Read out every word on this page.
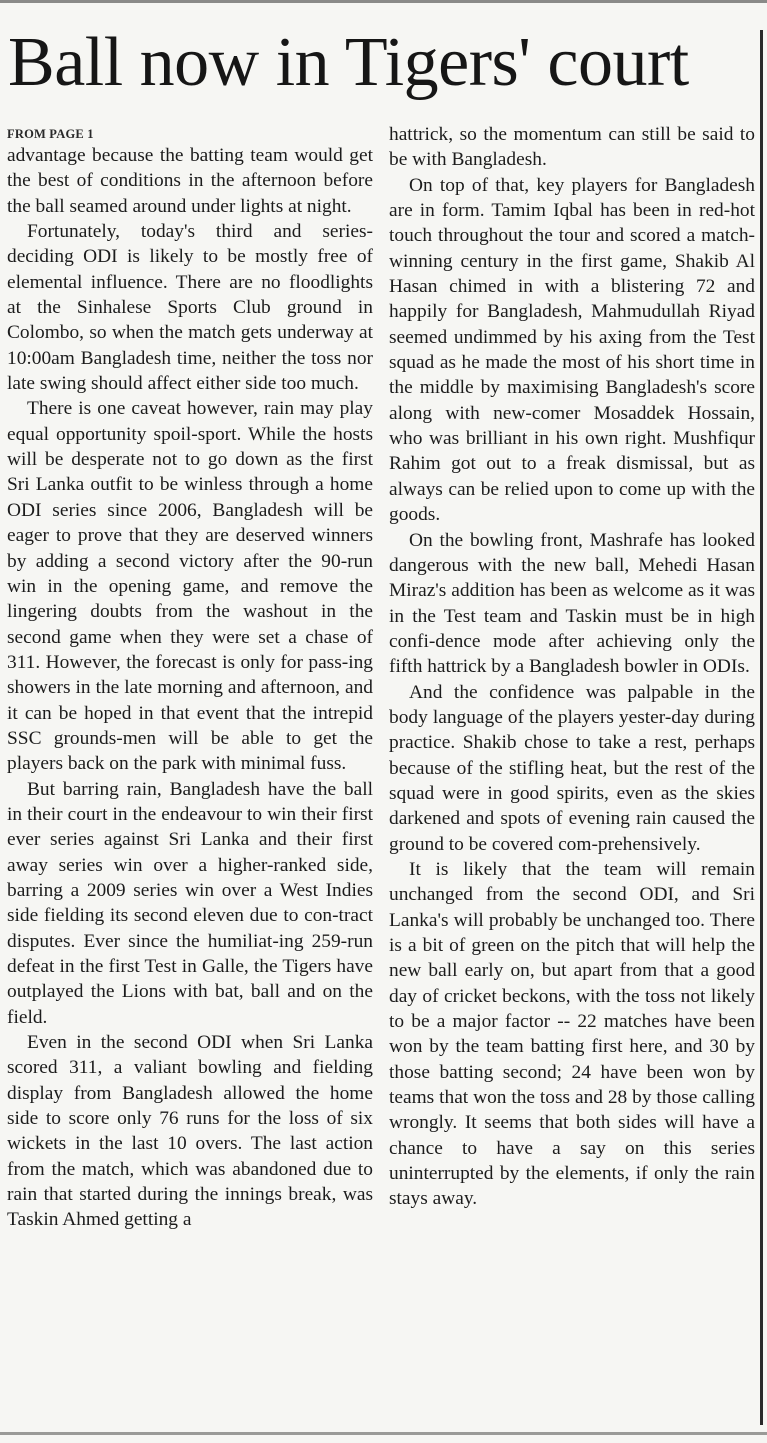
Ball now in Tigers' court
FROM PAGE 1

advantage because the batting team would get the best of conditions in the afternoon before the ball seamed around under lights at night.

Fortunately, today's third and series-deciding ODI is likely to be mostly free of elemental influence. There are no floodlights at the Sinhalese Sports Club ground in Colombo, so when the match gets underway at 10:00am Bangladesh time, neither the toss nor late swing should affect either side too much.

There is one caveat however, rain may play equal opportunity spoil-sport. While the hosts will be desperate not to go down as the first Sri Lanka outfit to be winless through a home ODI series since 2006, Bangladesh will be eager to prove that they are deserved winners by adding a second victory after the 90-run win in the opening game, and remove the lingering doubts from the washout in the second game when they were set a chase of 311. However, the forecast is only for pass-ing showers in the late morning and afternoon, and it can be hoped in that event that the intrepid SSC grounds-men will be able to get the players back on the park with minimal fuss.

But barring rain, Bangladesh have the ball in their court in the endeavour to win their first ever series against Sri Lanka and their first away series win over a higher-ranked side, barring a 2009 series win over a West Indies side fielding its second eleven due to con-tract disputes. Ever since the humiliat-ing 259-run defeat in the first Test in Galle, the Tigers have outplayed the Lions with bat, ball and on the field.

Even in the second ODI when Sri Lanka scored 311, a valiant bowling and fielding display from Bangladesh allowed the home side to score only 76 runs for the loss of six wickets in the last 10 overs. The last action from the match, which was abandoned due to rain that started during the innings break, was Taskin Ahmed getting a

hattrick, so the momentum can still be said to be with Bangladesh.

On top of that, key players for Bangladesh are in form. Tamim Iqbal has been in red-hot touch throughout the tour and scored a match-winning century in the first game, Shakib Al Hasan chimed in with a blistering 72 and happily for Bangladesh, Mahmudullah Riyad seemed undimmed by his axing from the Test squad as he made the most of his short time in the middle by maximising Bangladesh's score along with new-comer Mosaddek Hossain, who was brilliant in his own right. Mushfiqur Rahim got out to a freak dismissal, but as always can be relied upon to come up with the goods.

On the bowling front, Mashrafe has looked dangerous with the new ball, Mehedi Hasan Miraz's addition has been as welcome as it was in the Test team and Taskin must be in high confi-dence mode after achieving only the fifth hattrick by a Bangladesh bowler in ODIs.

And the confidence was palpable in the body language of the players yester-day during practice. Shakib chose to take a rest, perhaps because of the stifling heat, but the rest of the squad were in good spirits, even as the skies darkened and spots of evening rain caused the ground to be covered com-prehensively.

It is likely that the team will remain unchanged from the second ODI, and Sri Lanka's will probably be unchanged too. There is a bit of green on the pitch that will help the new ball early on, but apart from that a good day of cricket beckons, with the toss not likely to be a major factor -- 22 matches have been won by the team batting first here, and 30 by those batting second; 24 have been won by teams that won the toss and 28 by those calling wrongly. It seems that both sides will have a chance to have a say on this series uninterrupted by the elements, if only the rain stays away.
